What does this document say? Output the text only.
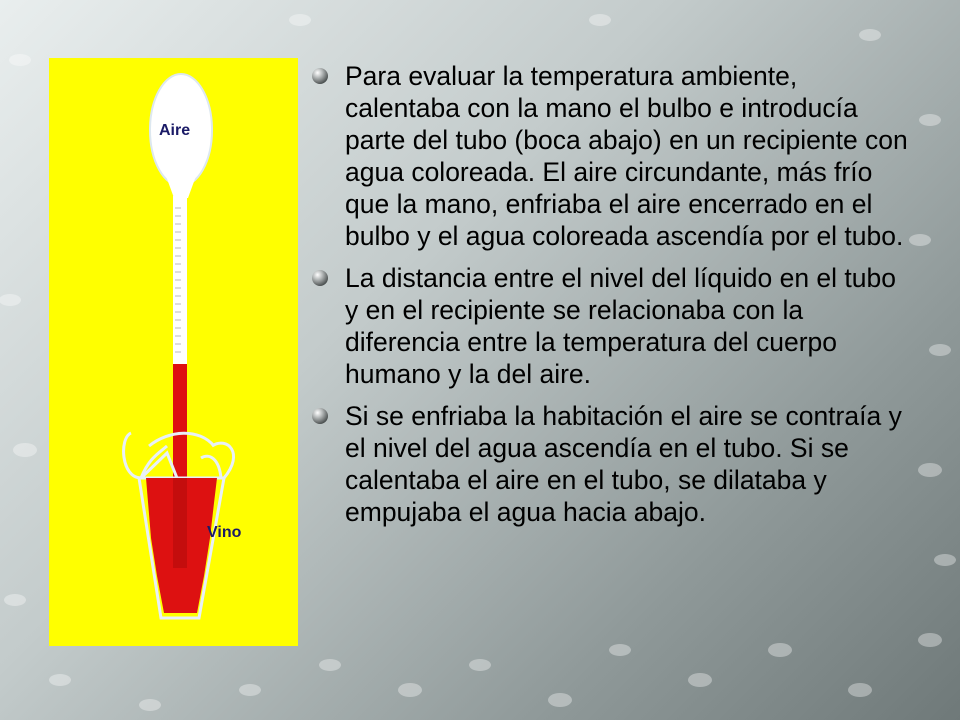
Aire
Vino
Para evaluar la temperatura ambiente, calentaba con la mano el bulbo e introducía parte del tubo (boca abajo) en un recipiente con agua coloreada. El aire circundante, más frío que la mano, enfriaba el aire encerrado en el bulbo y el agua coloreada ascendía por el tubo.
La distancia entre el nivel del líquido en el tubo y en el recipiente se relacionaba con la diferencia entre la temperatura del cuerpo humano y la del aire.
Si se enfriaba la habitación el aire se contraía y el nivel del agua ascendía en el tubo. Si se calentaba el aire en el tubo, se dilataba y empujaba el agua hacia abajo.
